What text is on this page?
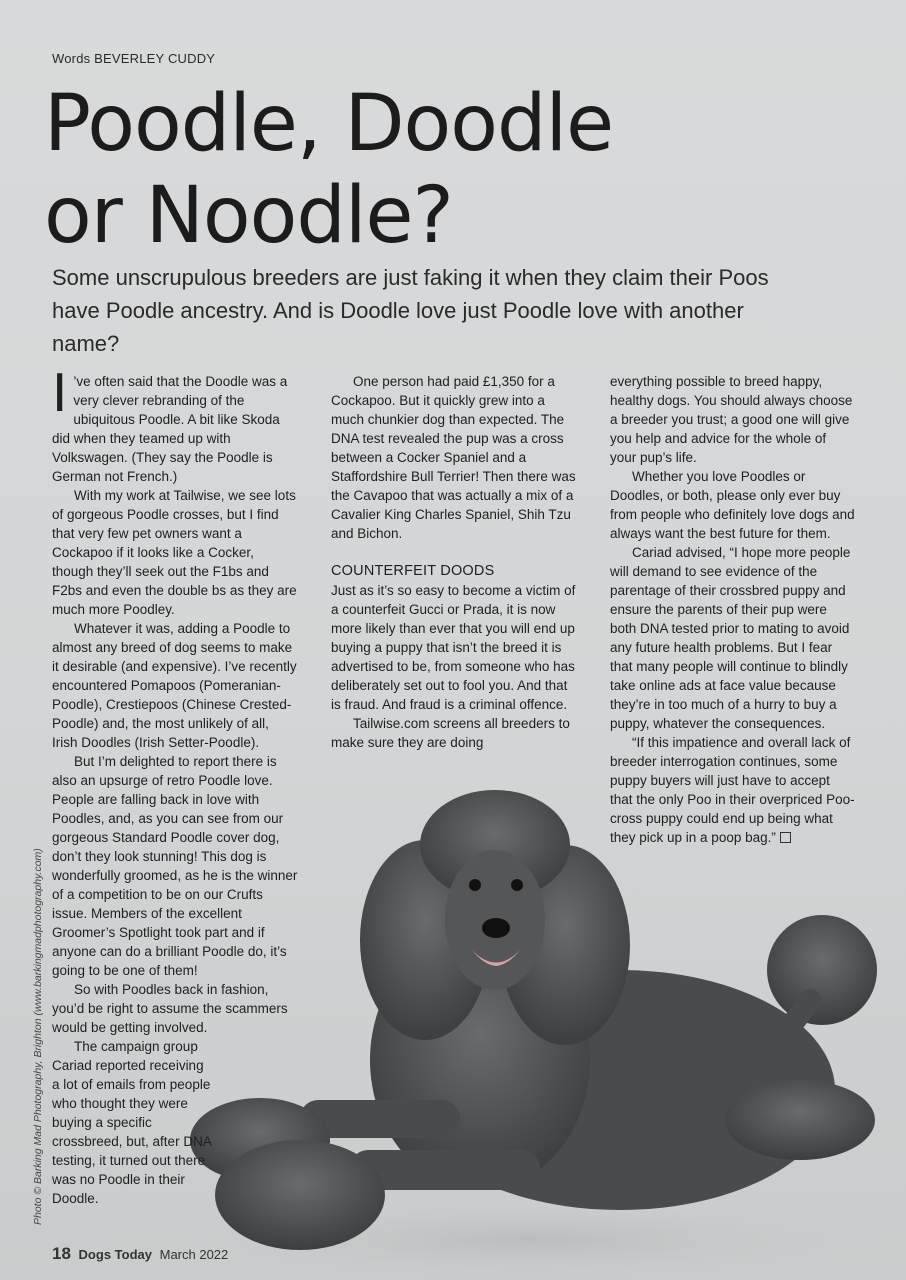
Words BEVERLEY CUDDY
Poodle, Doodle
or Noodle?

Some unscrupulous breeders are just faking it when they claim their Poos have Poodle ancestry. And is Doodle love just Poodle love with another name?

I ’ve often said that the Doodle was a very clever rebranding of the ubiquitous Poodle. A bit like Skoda did when they teamed up with Volkswagen. (They say the Poodle is German not French.)

With my work at Tailwise, we see lots of gorgeous Poodle crosses, but I find that very few pet owners want a Cockapoo if it looks like a Cocker, though they’ll seek out the F1bs and F2bs and even the double bs as they are much more Poodley.

Whatever it was, adding a Poodle to almost any breed of dog seems to make it desirable (and expensive). I’ve recently encountered Pomapoos (Pomeranian-Poodle), Crestiepoos (Chinese Crested-Poodle) and, the most unlikely of all, Irish Doodles (Irish Setter-Poodle).

But I’m delighted to report there is also an upsurge of retro Poodle love. People are falling back in love with Poodles, and, as you can see from our gorgeous Standard Poodle cover dog, don’t they look stunning! This dog is wonderfully groomed, as he is the winner of a competition to be on our Crufts issue. Members of the excellent Groomer’s Spotlight took part and if anyone can do a brilliant Poodle do, it’s going to be one of them!

So with Poodles back in fashion, you’d be right to assume the scammers would be getting involved.

The campaign group Cariad reported receiving a lot of emails from people who thought they were buying a specific crossbreed, but, after DNA testing, it turned out there was no Poodle in their Doodle.

One person had paid £1,350 for a Cockapoo. But it quickly grew into a much chunkier dog than expected. The DNA test revealed the pup was a cross between a Cocker Spaniel and a Staffordshire Bull Terrier! Then there was the Cavapoo that was actually a mix of a Cavalier King Charles Spaniel, Shih Tzu and Bichon.

COUNTERFEIT DOODS

Just as it’s so easy to become a victim of a counterfeit Gucci or Prada, it is now more likely than ever that you will end up buying a puppy that isn’t the breed it is advertised to be, from someone who has deliberately set out to fool you. And that is fraud. And fraud is a criminal offence.

Tailwise.com screens all breeders to make sure they are doing

everything possible to breed happy, healthy dogs. You should always choose a breeder you trust; a good one will give you help and advice for the whole of your pup’s life.

Whether you love Poodles or Doodles, or both, please only ever buy from people who definitely love dogs and always want the best future for them.

Cariad advised, “I hope more people will demand to see evidence of the parentage of their crossbred puppy and ensure the parents of their pup were both DNA tested prior to mating to avoid any future health problems. But I fear that many people will continue to blindly take online ads at face value because they’re in too much of a hurry to buy a puppy, whatever the consequences.

“If this impatience and overall lack of breeder interrogation continues, some puppy buyers will just have to accept that the only Poo in their overpriced Poo-cross puppy could end up being what they pick up in a poop bag.”

Photo © Barking Mad Photography, Brighton (www.barkingmadphotography.com)
18 Dogs Today March 2022
